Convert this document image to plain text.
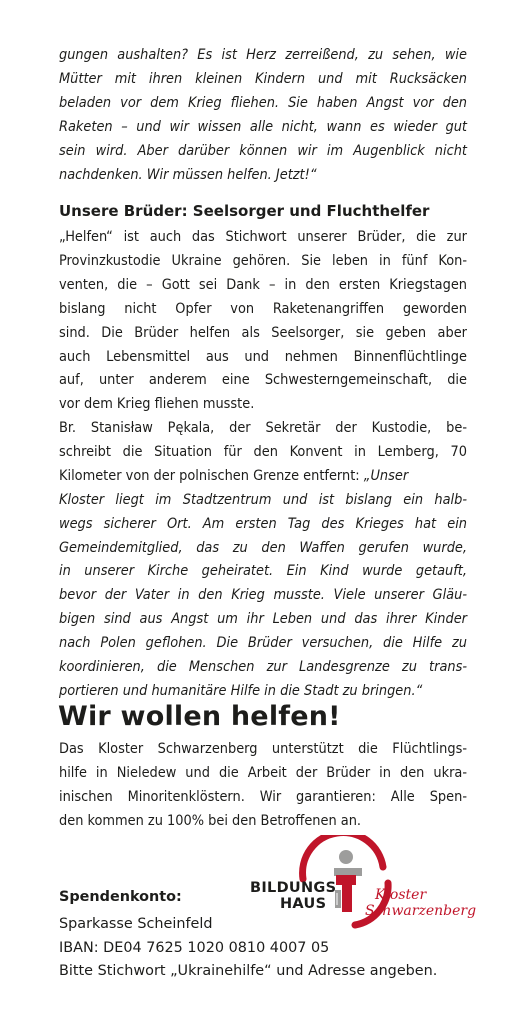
gungen aushalten? Es ist Herz zerreißend, zu sehen, wie
Mütter mit ihren kleinen Kindern und mit Rucksäcken
beladen vor dem Krieg fliehen. Sie haben Angst vor den
Raketen – und wir wissen alle nicht, wann es wieder gut
sein wird. Aber darüber können wir im Augenblick nicht
nachdenken. Wir müssen helfen. Jetzt!“
Unsere Brüder: Seelsorger und Fluchthelfer
„Helfen“ ist auch das Stichwort unserer Brüder, die zur
Provinzkustodie Ukraine gehören. Sie leben in fünf Kon-
venten, die – Gott sei Dank – in den ersten Kriegstagen
bislang nicht Opfer von Raketenangriffen geworden
sind. Die Brüder helfen als Seelsorger, sie geben aber
auch Lebensmittel aus und nehmen Binnenflüchtlinge
auf, unter anderem eine Schwesterngemeinschaft, die
vor dem Krieg fliehen musste.
Br. Stanisław Pękala, der Sekretär der Kustodie, be-
schreibt die Situation für den Konvent in Lemberg, 70
Kilometer von der polnischen Grenze entfernt: „Unser
Kloster liegt im Stadtzentrum und ist bislang ein halb-
wegs sicherer Ort. Am ersten Tag des Krieges hat ein
Gemeindemitglied, das zu den Waffen gerufen wurde,
in unserer Kirche geheiratet. Ein Kind wurde getauft,
bevor der Vater in den Krieg musste. Viele unserer Gläu-
bigen sind aus Angst um ihr Leben und das ihrer Kinder
nach Polen geflohen. Die Brüder versuchen, die Hilfe zu
koordinieren, die Menschen zur Landesgrenze zu trans-
portieren und humanitäre Hilfe in die Stadt zu bringen.“
Wir wollen helfen!
Das Kloster Schwarzenberg unterstützt die Flüchtlings-
hilfe in Nieledew und die Arbeit der Brüder in den ukra-
inischen Minoritenklöstern. Wir garantieren: Alle Spen-
den kommen zu 100% bei den Betroffenen an.
BILDUNGS
HAUS
Kloster
Schwarzenberg
Spendenkonto:
Sparkasse Scheinfeld
IBAN: DE04 7625 1020 0810 4007 05
Bitte Stichwort „Ukrainehilfe“ und Adresse angeben.
